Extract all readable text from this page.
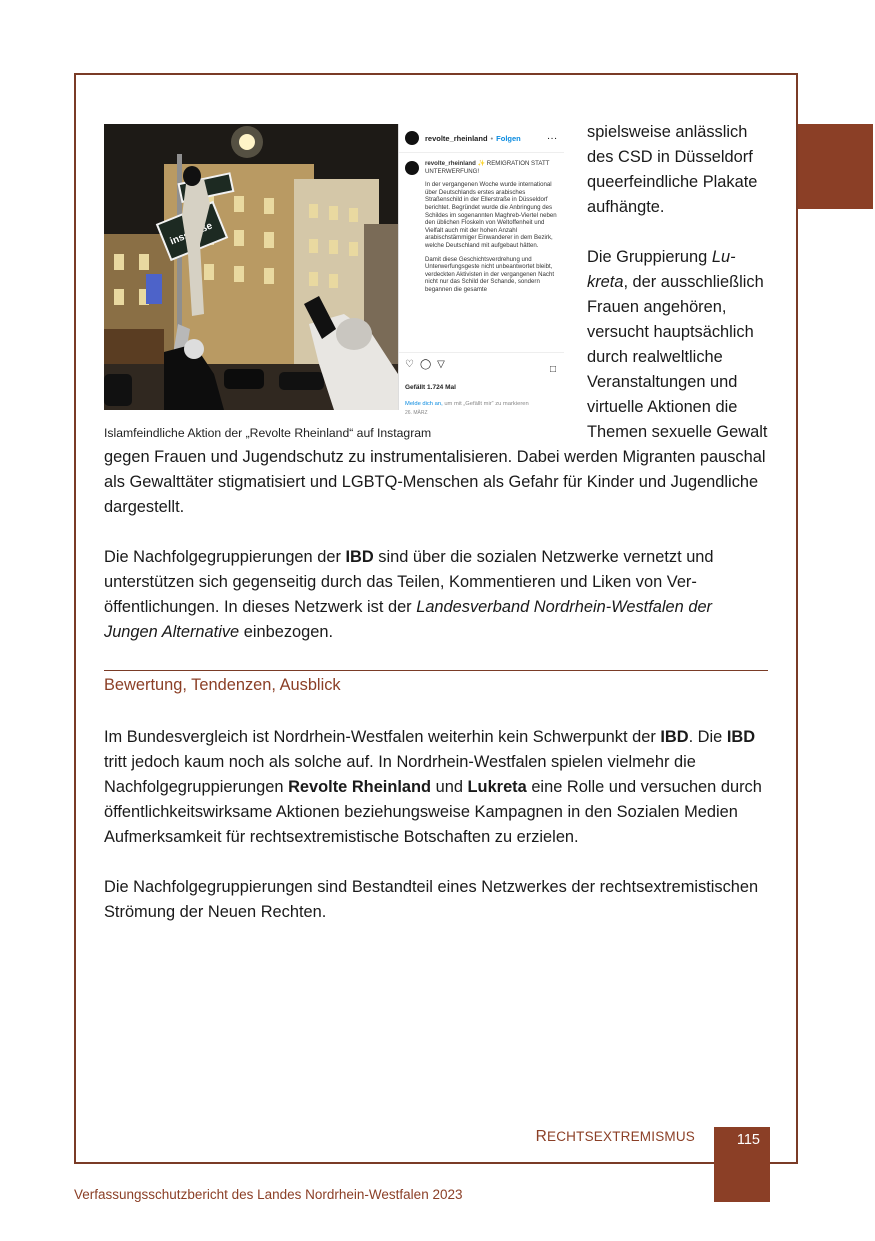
revolte_rheinland • Folgen	···
revolte_rheinland ✨ REMIGRATION STATT UNTERWERFUNG!
In der vergangenen Woche wurde international über Deutschlands erstes arabisches Straßenschild in der Ellerstraße in Düsseldorf berichtet. Begründet wurde die Anbringung des Schildes im sogenannten Maghreb-Viertel neben den üblichen Floskeln von Weltoffenheit und Vielfalt auch mit der hohen Anzahl arabischstämmiger Einwanderer in dem Bezirk, welche Deutschland mit aufgebaut hätten.
Damit diese Geschichtsverdrehung und Unterwerfungsgeste nicht unbeantwortet bleibt, verdeckten Aktivisten in der vergangenen Nacht nicht nur das Schild der Schande, sondern begannen die gesamte
♡ ◯ ▽	□
Gefällt 1.724 Mal
26. MÄRZ
Melde dich an, um mit „Gefällt mir“ zu markieren
Islamfeindliche Aktion der „Revolte Rheinland“ auf Instagram

spielsweise anlässlich des CSD in Düsseldorf queerfeindliche Plakate aufhängte.

Die Gruppierung Lukreta, der ausschließlich Frauen angehören, versucht hauptsächlich durch realweltliche Veranstaltungen und virtuelle Aktionen die Themen sexuelle Gewalt gegen Frauen und Jugendschutz zu instrumentalisieren. Dabei werden Migranten pauschal als Gewalttäter stigmatisiert und LGBTQ-Menschen als Gefahr für Kinder und Jugendliche dargestellt.

Die Nachfolgegruppierungen der IBD sind über die sozialen Netzwerke vernetzt und unterstützen sich gegenseitig durch das Teilen, Kommentieren und Liken von Veröffentlichungen. In dieses Netzwerk ist der Landesverband Nordrhein-Westfalen der Jungen Alternative einbezogen.

Bewertung, Tendenzen, Ausblick

Im Bundesvergleich ist Nordrhein-Westfalen weiterhin kein Schwerpunkt der IBD. Die IBD tritt jedoch kaum noch als solche auf. In Nordrhein-Westfalen spielen vielmehr die Nachfolgegruppierungen Revolte Rheinland und Lukreta eine Rolle und versuchen durch öffentlichkeitswirksame Aktionen beziehungsweise Kampagnen in den Sozialen Medien Aufmerksamkeit für rechtsextremistische Botschaften zu erzielen.

Die Nachfolgegruppierungen sind Bestandteil eines Netzwerkes der rechtsextremistischen Strömung der Neuen Rechten.

RECHTSEXTREMISMUS	115
Verfassungsschutzbericht des Landes Nordrhein-Westfalen 2023
